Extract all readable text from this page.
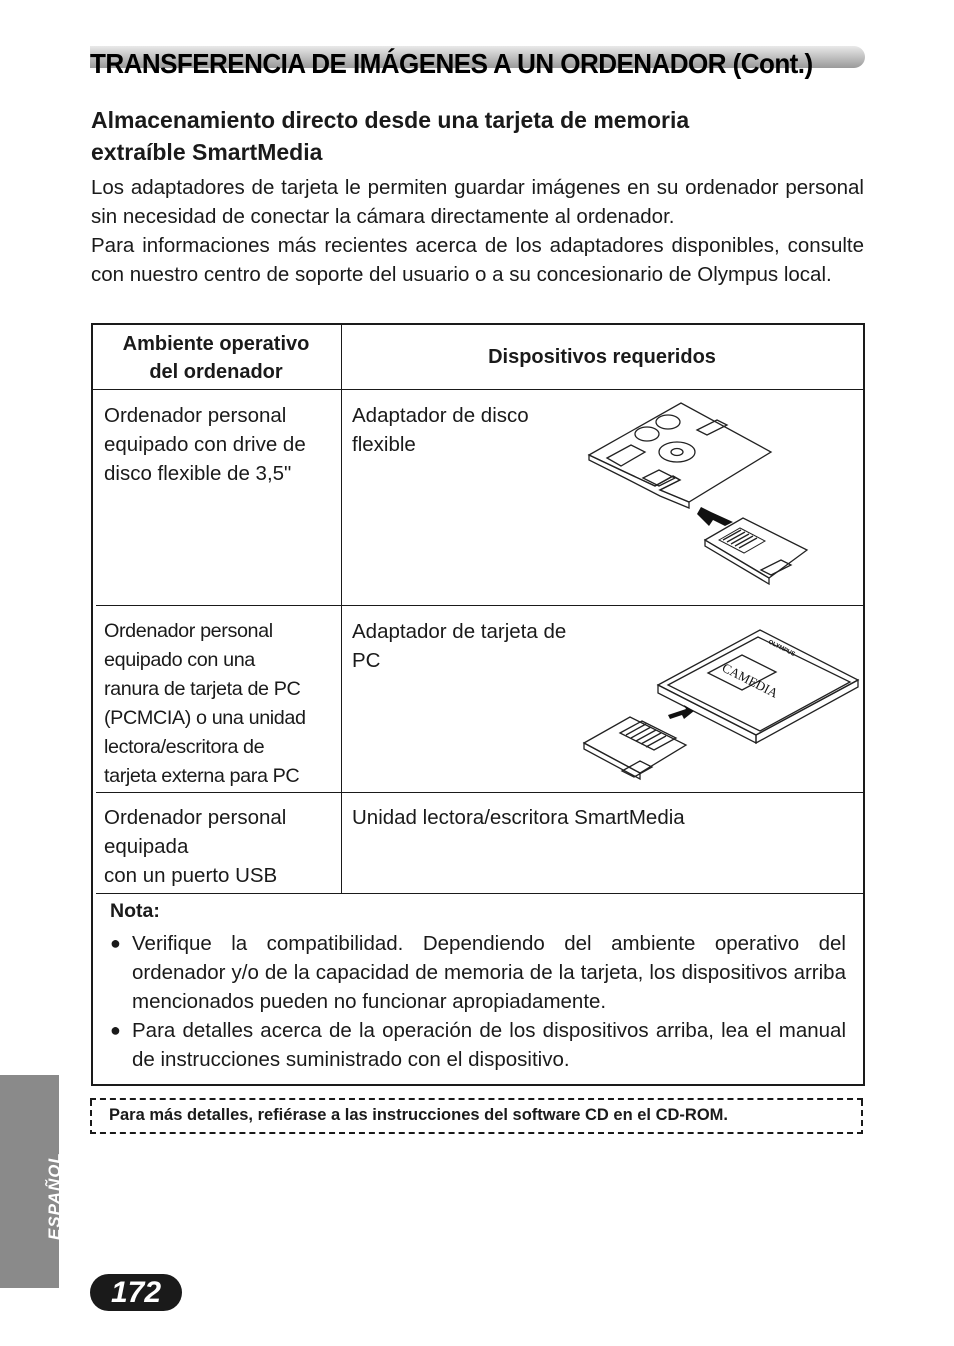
TRANSFERENCIA DE IMÁGENES A UN ORDENADOR (Cont.)
Almacenamiento directo desde una tarjeta de memoria
extraíble SmartMedia

Los adaptadores de tarjeta le permiten guardar imágenes en su ordenador personal sin necesidad de conectar la cámara directamente al ordenador.

Para informaciones más recientes acerca de los adaptadores disponibles, consulte con nuestro centro de soporte del usuario o a su concesionario de Olympus local.

Ambiente operativo
del ordenador
Dispositivos requeridos
Ordenador personal
equipado con drive de
disco flexible de 3,5"
Adaptador de disco
flexible
Ordenador personal
equipado con una
ranura de tarjeta de PC
(PCMCIA) o una unidad
lectora/escritora de
tarjeta externa para PC
Adaptador de tarjeta de
PC	CAMEDIA
OLYMPUS
Ordenador personal
equipada
con un puerto USB
Unidad lectora/escritora SmartMedia
Nota:
● Verifique la compatibilidad. Dependiendo del ambiente operativo del ordenador y/o de la capacidad de memoria de la tarjeta, los dispositivos arriba mencionados pueden no funcionar apropiadamente.
● Para detalles acerca de la operación de los dispositivos arriba, lea el manual de instrucciones suministrado con el dispositivo.
Para más detalles, refiérase a las instrucciones del software CD en el CD-ROM.
ESPAÑOL
172
